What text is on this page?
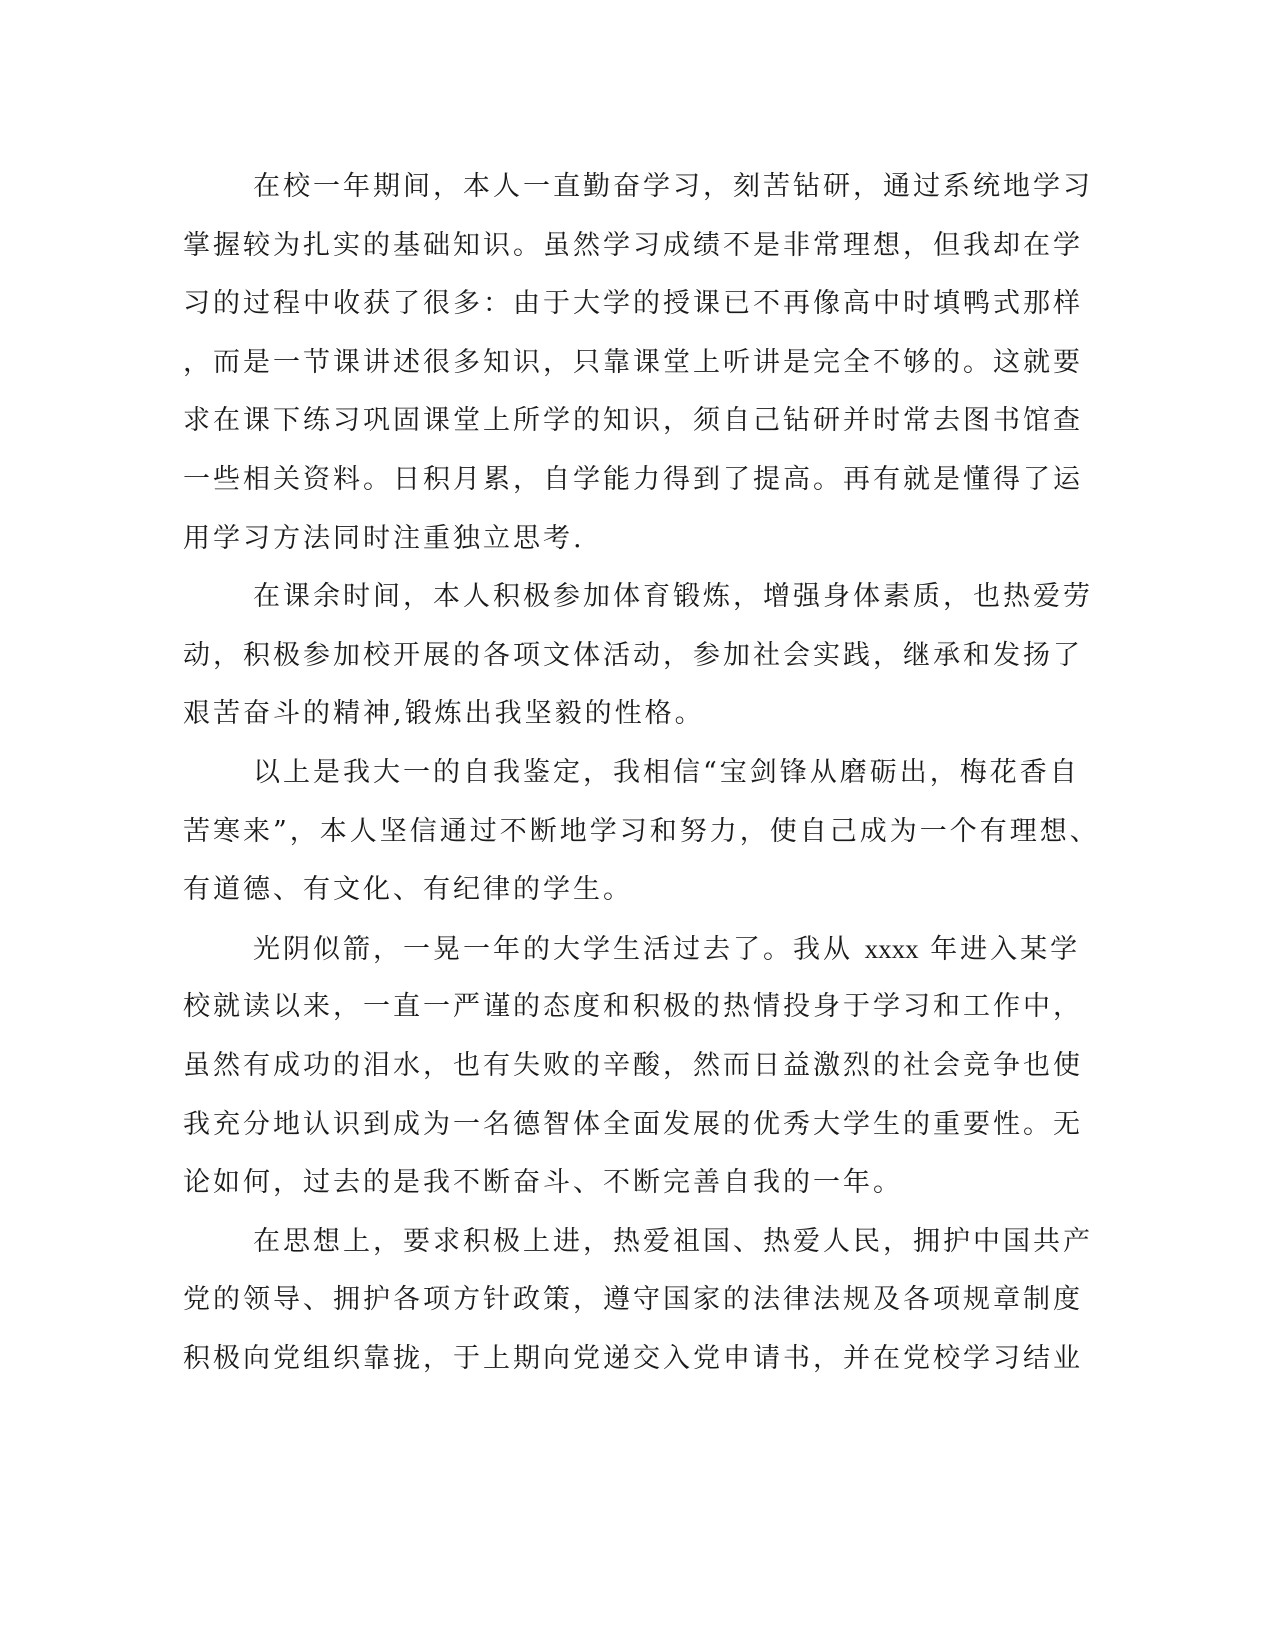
在校一年期间，本人一直勤奋学习，刻苦钻研，通过系统地学习
掌握较为扎实的基础知识。虽然学习成绩不是非常理想，但我却在学
习的过程中收获了很多：由于大学的授课已不再像高中时填鸭式那样
，而是一节课讲述很多知识，只靠课堂上听讲是完全不够的。这就要
求在课下练习巩固课堂上所学的知识，须自己钻研并时常去图书馆查
一些相关资料。日积月累，自学能力得到了提高。再有就是懂得了运
用学习方法同时注重独立思考.
在课余时间，本人积极参加体育锻炼，增强身体素质，也热爱劳
动，积极参加校开展的各项文体活动，参加社会实践，继承和发扬了
艰苦奋斗的精神,锻炼出我坚毅的性格。
以上是我大一的自我鉴定，我相信“宝剑锋从磨砺出，梅花香自
苦寒来”，本人坚信通过不断地学习和努力，使自己成为一个有理想、
有道德、有文化、有纪律的学生。
光阴似箭，一晃一年的大学生活过去了。我从 xxxx 年进入某学
校就读以来，一直一严谨的态度和积极的热情投身于学习和工作中，
虽然有成功的泪水，也有失败的辛酸，然而日益激烈的社会竞争也使
我充分地认识到成为一名德智体全面发展的优秀大学生的重要性。无
论如何，过去的是我不断奋斗、不断完善自我的一年。
在思想上，要求积极上进，热爱祖国、热爱人民，拥护中国共产
党的领导、拥护各项方针政策，遵守国家的法律法规及各项规章制度
积极向党组织靠拢，于上期向党递交入党申请书，并在党校学习结业
